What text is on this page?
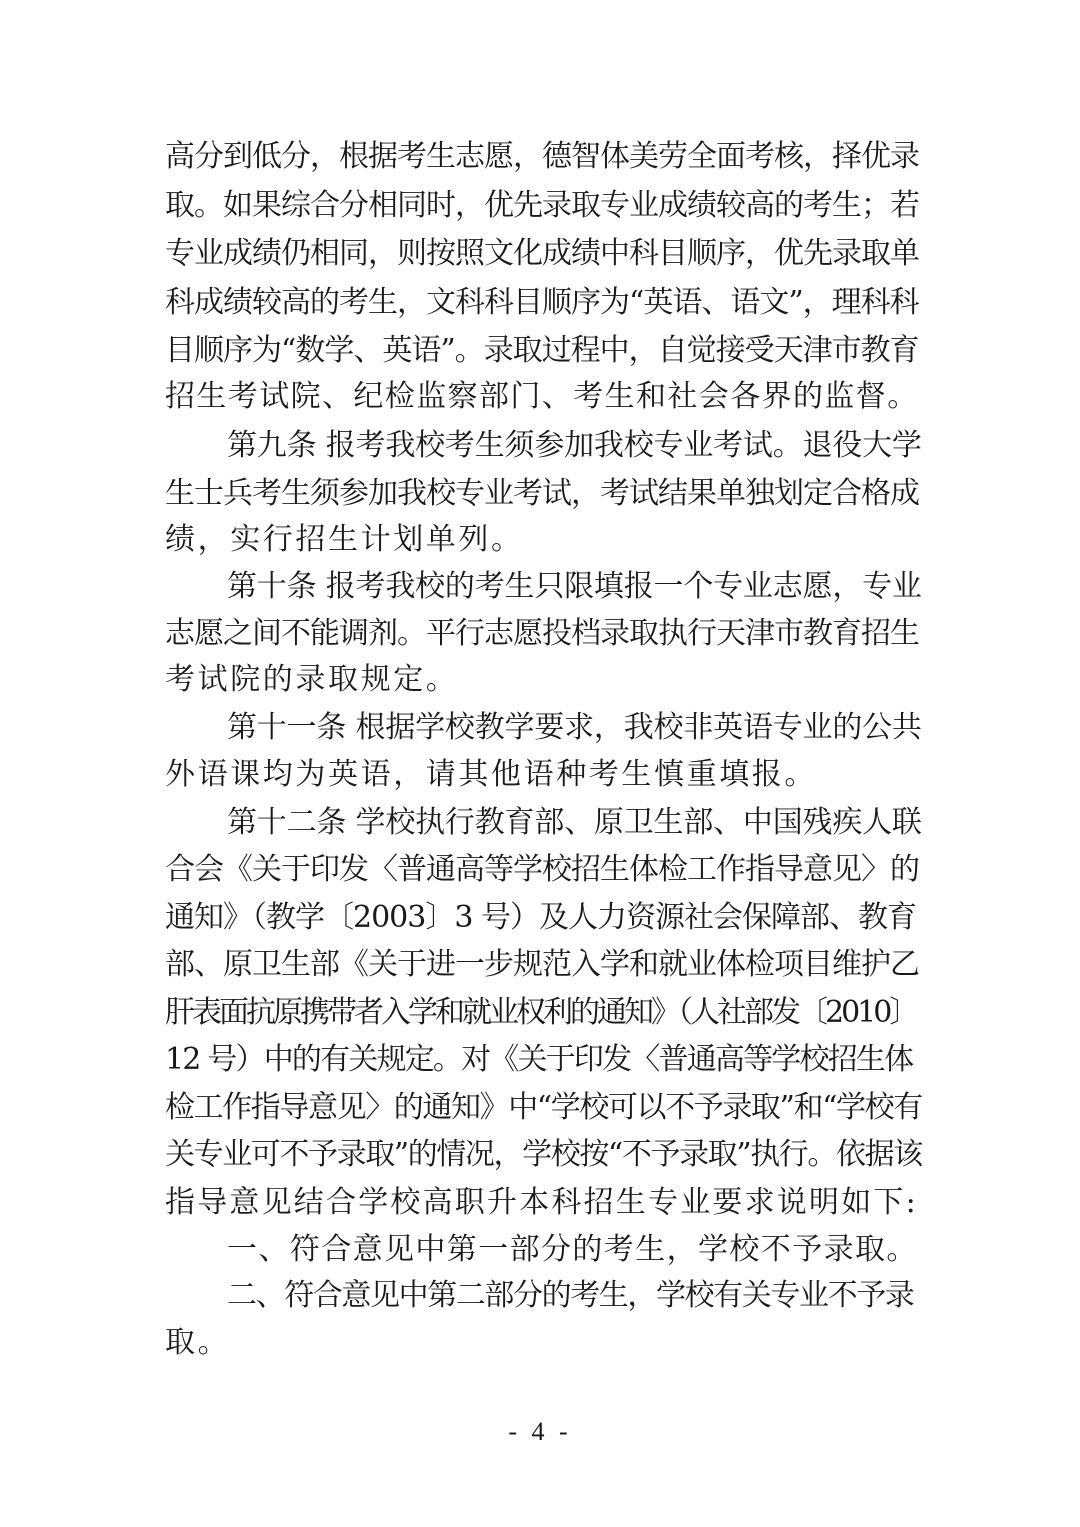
高分到低分，根据考生志愿，德智体美劳全面考核，择优录
取。如果综合分相同时，优先录取专业成绩较高的考生；若
专业成绩仍相同，则按照文化成绩中科目顺序，优先录取单
科成绩较高的考生，文科科目顺序为“英语、语文”，理科科
目顺序为“数学、英语”。录取过程中，自觉接受天津市教育
招生考试院、纪检监察部门、考生和社会各界的监督。
第九条 报考我校考生须参加我校专业考试。退役大学
生士兵考生须参加我校专业考试，考试结果单独划定合格成
绩，实行招生计划单列。
第十条 报考我校的考生只限填报一个专业志愿，专业
志愿之间不能调剂。平行志愿投档录取执行天津市教育招生
考试院的录取规定。
第十一条 根据学校教学要求，我校非英语专业的公共
外语课均为英语，请其他语种考生慎重填报。
第十二条 学校执行教育部、原卫生部、中国残疾人联
合会《关于印发〈普通高等学校招生体检工作指导意见〉的
通知》（教学〔2003〕3 号）及人力资源社会保障部、教育
部、原卫生部《关于进一步规范入学和就业体检项目维护乙
肝表面抗原携带者入学和就业权利的通知》（人社部发〔2010〕
12 号）中的有关规定。对《关于印发〈普通高等学校招生体
检工作指导意见〉的通知》中“学校可以不予录取”和“学校有
关专业可不予录取”的情况，学校按“不予录取”执行。依据该
指导意见结合学校高职升本科招生专业要求说明如下:
一、符合意见中第一部分的考生，学校不予录取。
二、符合意见中第二部分的考生，学校有关专业不予录
取。
- 4 -
